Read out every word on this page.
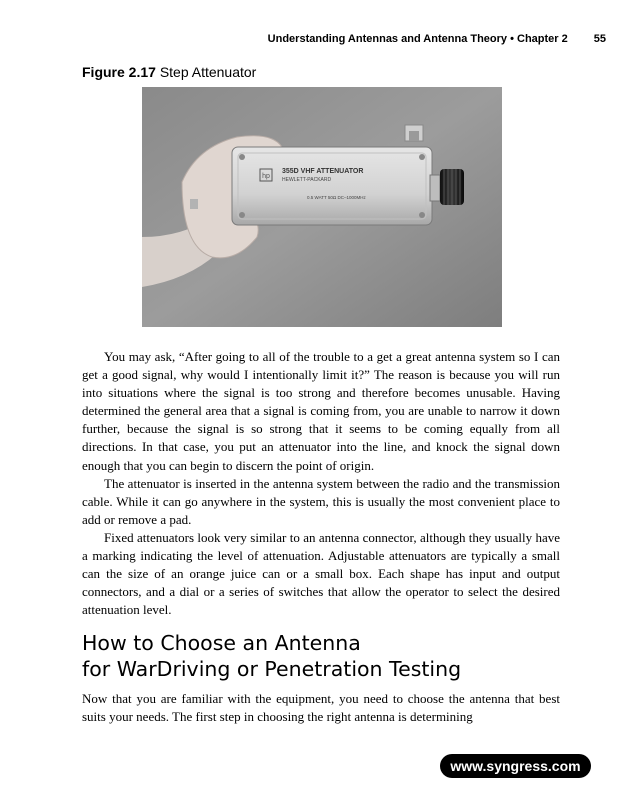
Understanding Antennas and Antenna Theory • Chapter 2 55
Figure 2.17 Step Attenuator
hp
355D VHF ATTENUATOR
HEWLETT-PACKARD
0.5 WATT 50Ω DC–1000MHz

You may ask, “After going to all of the trouble to a get a great antenna system so I can get a good signal, why would I intentionally limit it?” The reason is because you will run into situations where the signal is too strong and therefore becomes unusable. Having determined the general area that a signal is coming from, you are unable to narrow it down further, because the signal is so strong that it seems to be coming equally from all directions. In that case, you put an attenuator into the line, and knock the signal down enough that you can begin to discern the point of origin.

The attenuator is inserted in the antenna system between the radio and the transmission cable. While it can go anywhere in the system, this is usually the most convenient place to add or remove a pad.

Fixed attenuators look very similar to an antenna connector, although they usually have a marking indicating the level of attenuation. Adjustable attenuators are typically a small can the size of an orange juice can or a small box. Each shape has input and output connectors, and a dial or a series of switches that allow the operator to select the desired attenuation level.

How to Choose an Antenna
for WarDriving or Penetration Testing

Now that you are familiar with the equipment, you need to choose the antenna that best suits your needs. The first step in choosing the right antenna is determining

www.syngress.com
